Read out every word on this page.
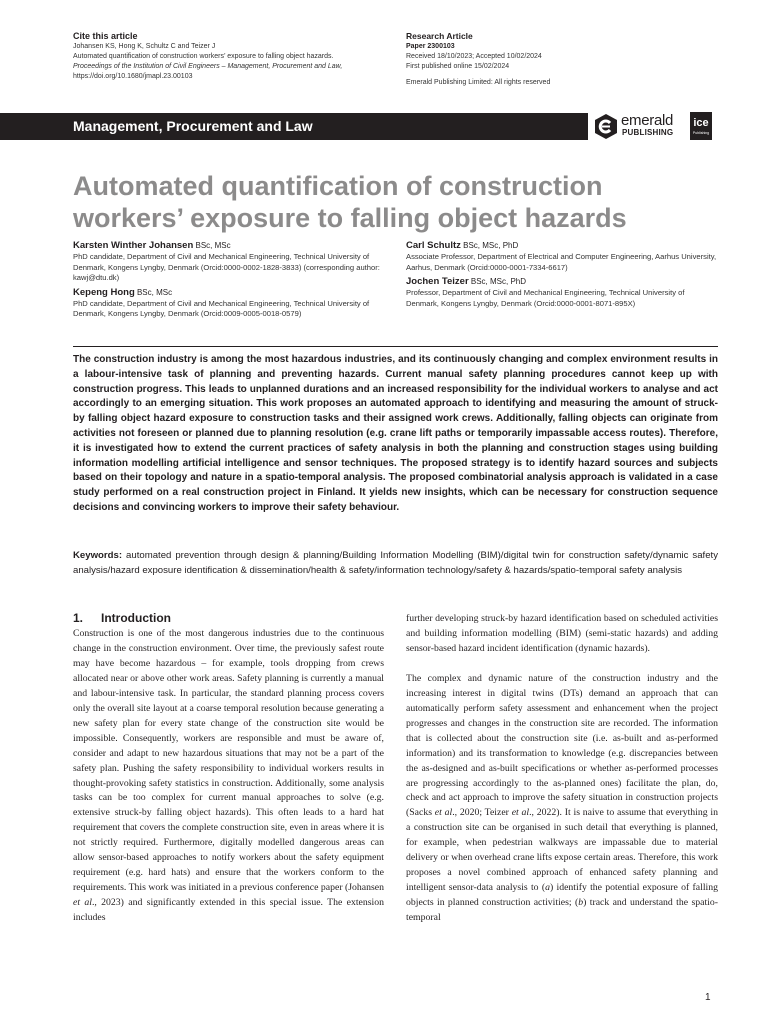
Cite this article
Johansen KS, Hong K, Schultz C and Teizer J
Automated quantification of construction workers’ exposure to falling object hazards.
Proceedings of the Institution of Civil Engineers – Management, Procurement and Law,
https://doi.org/10.1680/jmapl.23.00103
Research Article
Paper 2300103
Received 18/10/2023; Accepted 10/02/2024
First published online 15/02/2024
Emerald Publishing Limited: All rights reserved
Management, Procurement and Law	emerald
PUBLISHING
ice
Publishing
Automated quantification of construction workers’ exposure to falling object hazards
Karsten Winther Johansen BSc, MSc
PhD candidate, Department of Civil and Mechanical Engineering, Technical University of Denmark, Kongens Lyngby, Denmark (Orcid:0000-0002-1828-3833) (corresponding author: kawj@dtu.dk)
Kepeng Hong BSc, MSc
PhD candidate, Department of Civil and Mechanical Engineering, Technical University of Denmark, Kongens Lyngby, Denmark (Orcid:0009-0005-0018-0579)
Carl Schultz BSc, MSc, PhD
Associate Professor, Department of Electrical and Computer Engineering, Aarhus University, Aarhus, Denmark (Orcid:0000-0001-7334-6617)
Jochen Teizer BSc, MSc, PhD
Professor, Department of Civil and Mechanical Engineering, Technical University of Denmark, Kongens Lyngby, Denmark (Orcid:0000-0001-8071-895X)
The construction industry is among the most hazardous industries, and its continuously changing and complex environment results in a labour-intensive task of planning and preventing hazards. Current manual safety planning procedures cannot keep up with construction progress. This leads to unplanned durations and an increased responsibility for the individual workers to analyse and act accordingly to an emerging situation. This work proposes an automated approach to identifying and measuring the amount of struck-by falling object hazard exposure to construction tasks and their assigned work crews. Additionally, falling objects can originate from activities not foreseen or planned due to planning resolution (e.g. crane lift paths or temporarily impassable access routes). Therefore, it is investigated how to extend the current practices of safety analysis in both the planning and construction stages using building information modelling artificial intelligence and sensor techniques. The proposed strategy is to identify hazard sources and subjects based on their topology and nature in a spatio-temporal analysis. The proposed combinatorial analysis approach is validated in a case study performed on a real construction project in Finland. It yields new insights, which can be necessary for construction sequence decisions and convincing workers to improve their safety behaviour.
Keywords: automated prevention through design & planning/Building Information Modelling (BIM)/digital twin for construction safety/dynamic safety analysis/hazard exposure identification & dissemination/health & safety/information technology/safety & hazards/spatio-temporal safety analysis
1. Introduction

Construction is one of the most dangerous industries due to the continuous change in the construction environment. Over time, the previously safest route may have become hazardous – for example, tools dropping from crews allocated near or above other work areas. Safety planning is currently a manual and labour-intensive task. In particular, the standard planning process covers only the overall site layout at a coarse temporal resolution because generating a new safety plan for every state change of the construction site would be impossible. Consequently, workers are responsible and must be aware of, consider and adapt to new hazardous situations that may not be a part of the safety plan. Pushing the safety responsibility to individual workers results in thought-provoking safety statistics in construction. Additionally, some analysis tasks can be too complex for current manual approaches to solve (e.g. extensive struck-by falling object hazards). This often leads to a hard hat requirement that covers the complete construction site, even in areas where it is not strictly required. Furthermore, digitally modelled dangerous areas can allow sensor-based approaches to notify workers about the safety equipment requirement (e.g. hard hats) and ensure that the workers conform to the requirements. This work was initiated in a previous conference paper (Johansen et al., 2023) and significantly extended in this special issue. The extension includes

further developing struck-by hazard identification based on scheduled activities and building information modelling (BIM) (semi-static hazards) and adding sensor-based hazard incident identification (dynamic hazards).

The complex and dynamic nature of the construction industry and the increasing interest in digital twins (DTs) demand an approach that can automatically perform safety assessment and enhancement when the project progresses and changes in the construction site are recorded. The information that is collected about the construction site (i.e. as-built and as-performed information) and its transformation to knowledge (e.g. discrepancies between the as-designed and as-built specifications or whether as-performed processes are progressing accordingly to the as-planned ones) facilitate the plan, do, check and act approach to improve the safety situation in construction projects (Sacks et al., 2020; Teizer et al., 2022). It is naive to assume that everything in a construction site can be organised in such detail that everything is planned, for example, when pedestrian walkways are impassable due to material delivery or when overhead crane lifts expose certain areas. Therefore, this work proposes a novel combined approach of enhanced safety planning and intelligent sensor-data analysis to (a) identify the potential exposure of falling objects in planned construction activities; (b) track and understand the spatio-temporal

1
